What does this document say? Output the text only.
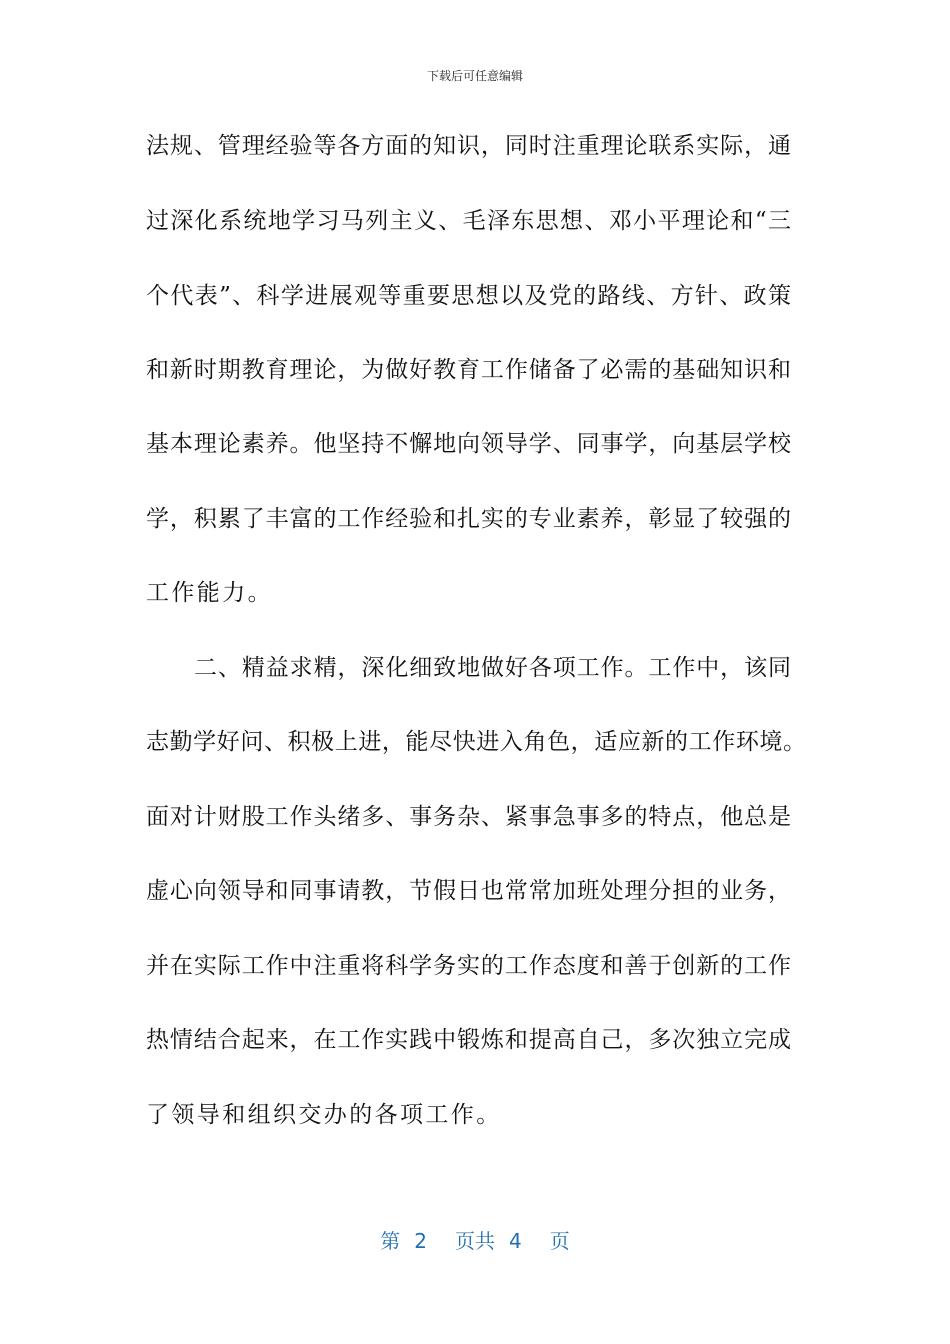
下载后可任意编辑
法规、管理经验等各方面的知识，同时注重理论联系实际，通
过深化系统地学习马列主义、毛泽东思想、邓小平理论和“三
个代表”、科学进展观等重要思想以及党的路线、方针、政策
和新时期教育理论，为做好教育工作储备了必需的基础知识和
基本理论素养。他坚持不懈地向领导学、同事学，向基层学校
学，积累了丰富的工作经验和扎实的专业素养，彰显了较强的
工作能力。
二、精益求精，深化细致地做好各项工作。工作中，该同
志勤学好问、积极上进，能尽快进入角色，适应新的工作环境。
面对计财股工作头绪多、事务杂、紧事急事多的特点，他总是
虚心向领导和同事请教，节假日也常常加班处理分担的业务，
并在实际工作中注重将科学务实的工作态度和善于创新的工作
热情结合起来，在工作实践中锻炼和提高自己，多次独立完成
了领导和组织交办的各项工作。
第 2 页共 4 页
